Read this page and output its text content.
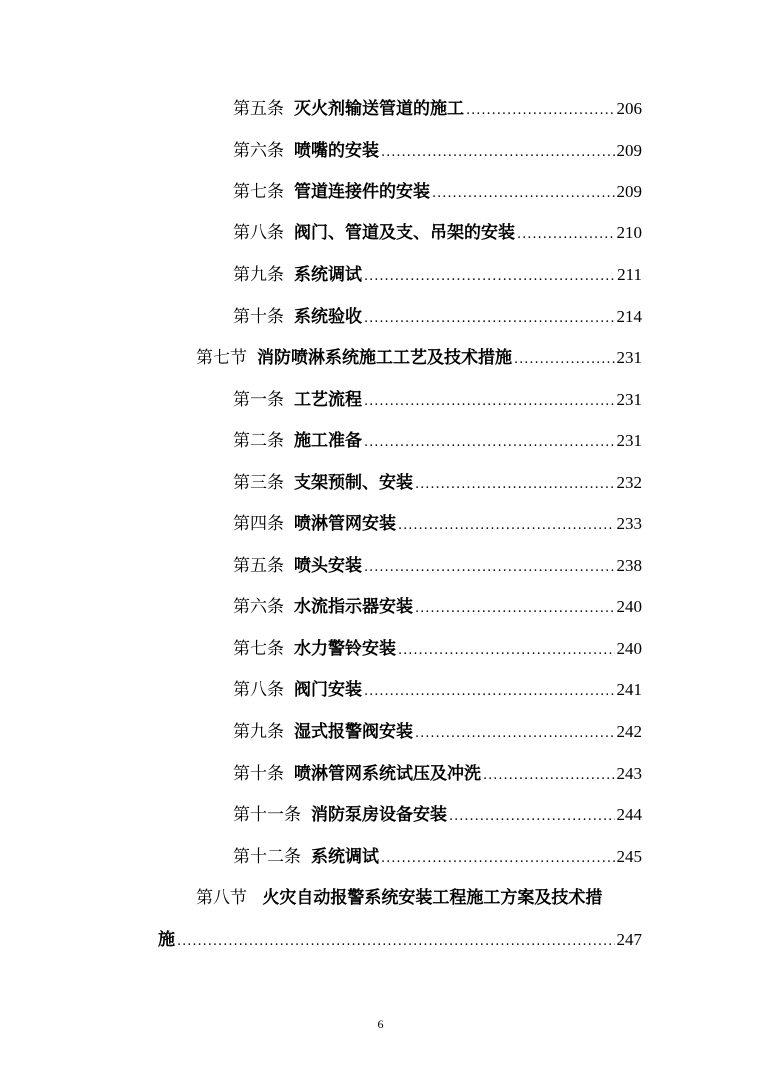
第五条 灭火剂输送管道的施工 .....	206
第六条 喷嘴的安装 .....	209
第七条 管道连接件的安装 .....	209
第八条 阀门、管道及支、吊架的安装 .....	210
第九条 系统调试 .....	211
第十条 系统验收 .....	214
第七节 消防喷淋系统施工工艺及技术措施 .....	231
第一条 工艺流程 .....	231
第二条 施工准备 .....	231
第三条 支架预制、安装 .....	232
第四条 喷淋管网安装 .....	233
第五条 喷头安装 .....	238
第六条 水流指示器安装 .....	240
第七条 水力警铃安装 .....	240
第八条 阀门安装 .....	241
第九条 湿式报警阀安装 .....	242
第十条 喷淋管网系统试压及冲洗 .....	243
第十一条 消防泵房设备安装 .....	244
第十二条 系统调试 .....	245
第八节 火灾自动报警系统安装工程施工方案及技术措
施 .....	247
6
